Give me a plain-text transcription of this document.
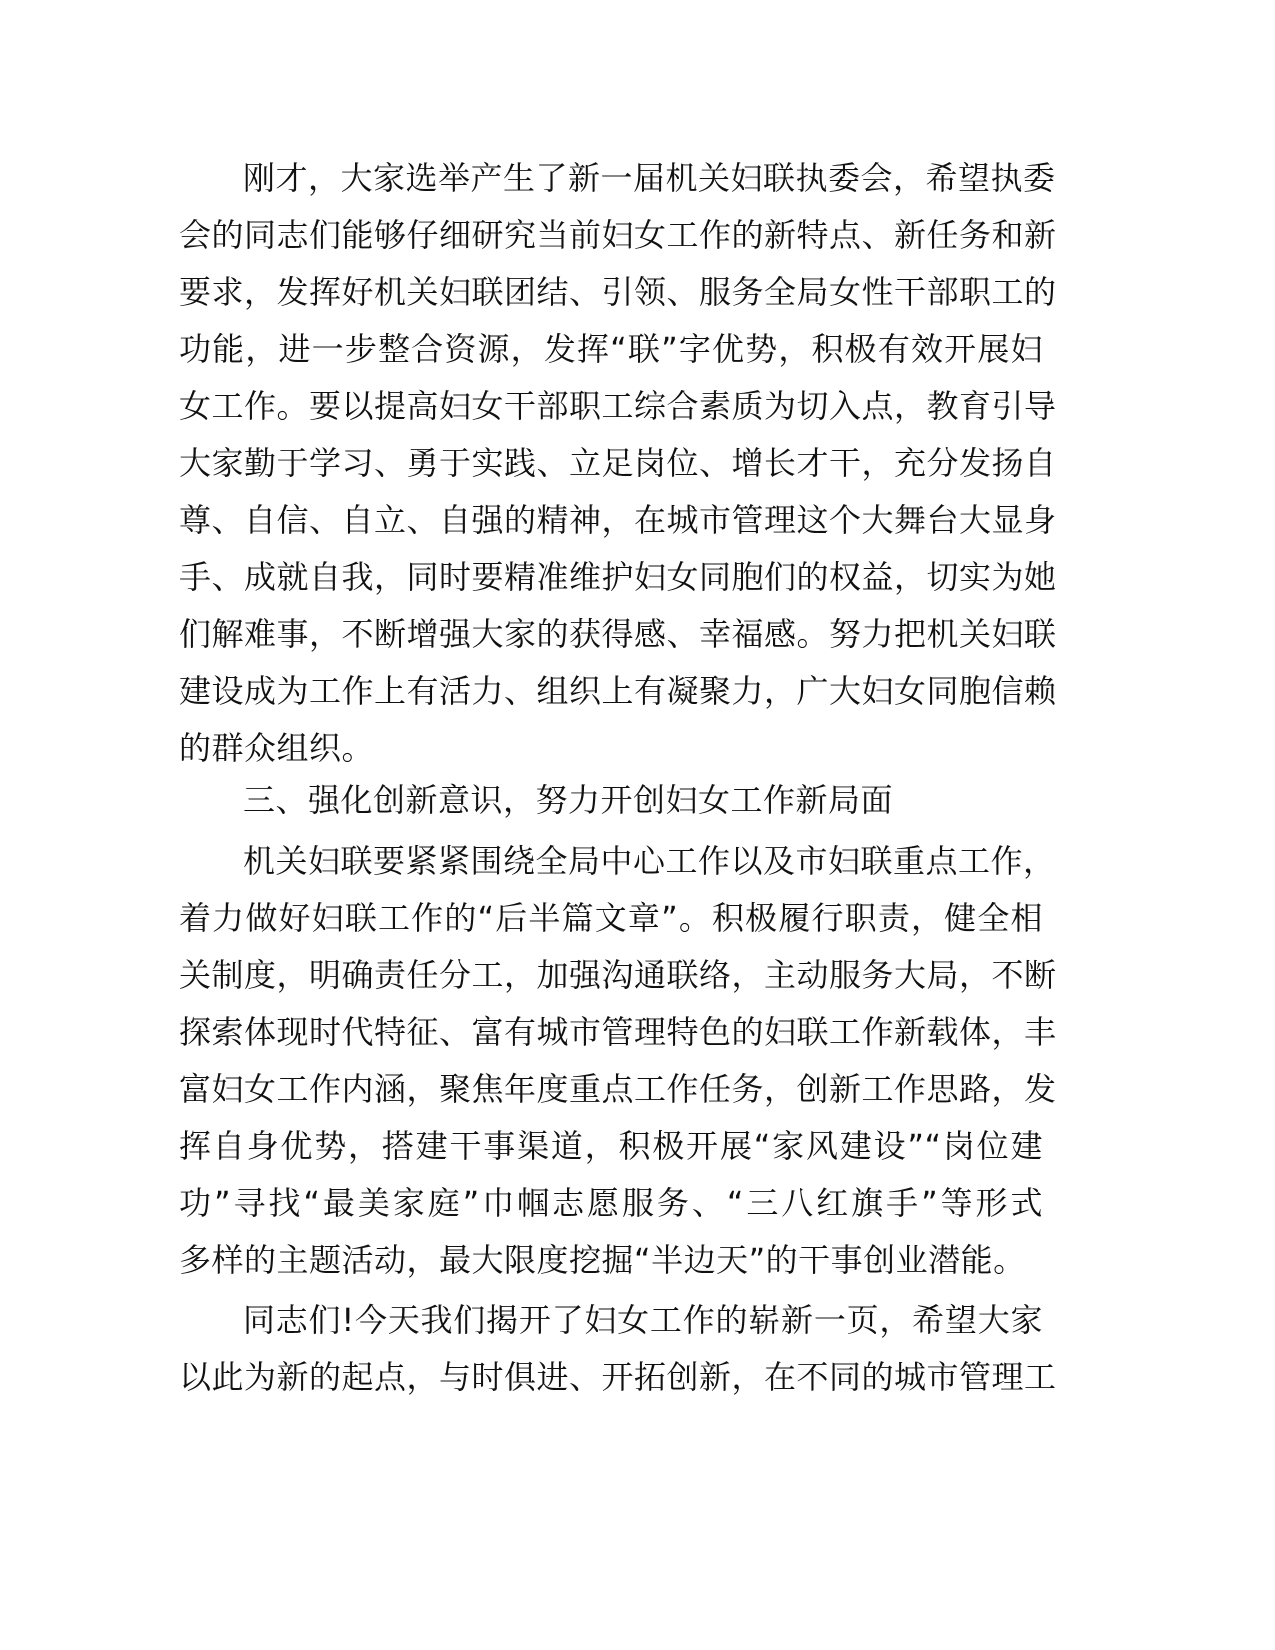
刚才，大家选举产生了新一届机关妇联执委会，希望执委
会的同志们能够仔细研究当前妇女工作的新特点、新任务和新
要求，发挥好机关妇联团结、引领、服务全局女性干部职工的
功能，进一步整合资源，发挥“联”字优势，积极有效开展妇
女工作。要以提高妇女干部职工综合素质为切入点，教育引导
大家勤于学习、勇于实践、立足岗位、增长才干，充分发扬自
尊、自信、自立、自强的精神，在城市管理这个大舞台大显身
手、成就自我，同时要精准维护妇女同胞们的权益，切实为她
们解难事，不断增强大家的获得感、幸福感。努力把机关妇联
建设成为工作上有活力、组织上有凝聚力，广大妇女同胞信赖
的群众组织。
三、强化创新意识，努力开创妇女工作新局面
机关妇联要紧紧围绕全局中心工作以及市妇联重点工作，
着力做好妇联工作的“后半篇文章”。积极履行职责，健全相
关制度，明确责任分工，加强沟通联络，主动服务大局，不断
探索体现时代特征、富有城市管理特色的妇联工作新载体，丰
富妇女工作内涵，聚焦年度重点工作任务，创新工作思路，发
挥自身优势，搭建干事渠道，积极开展“家风建设”“岗位建
功”寻找“最美家庭”巾帼志愿服务、“三八红旗手”等形式
多样的主题活动，最大限度挖掘“半边天”的干事创业潜能。
同志们!今天我们揭开了妇女工作的崭新一页，希望大家
以此为新的起点，与时俱进、开拓创新，在不同的城市管理工
